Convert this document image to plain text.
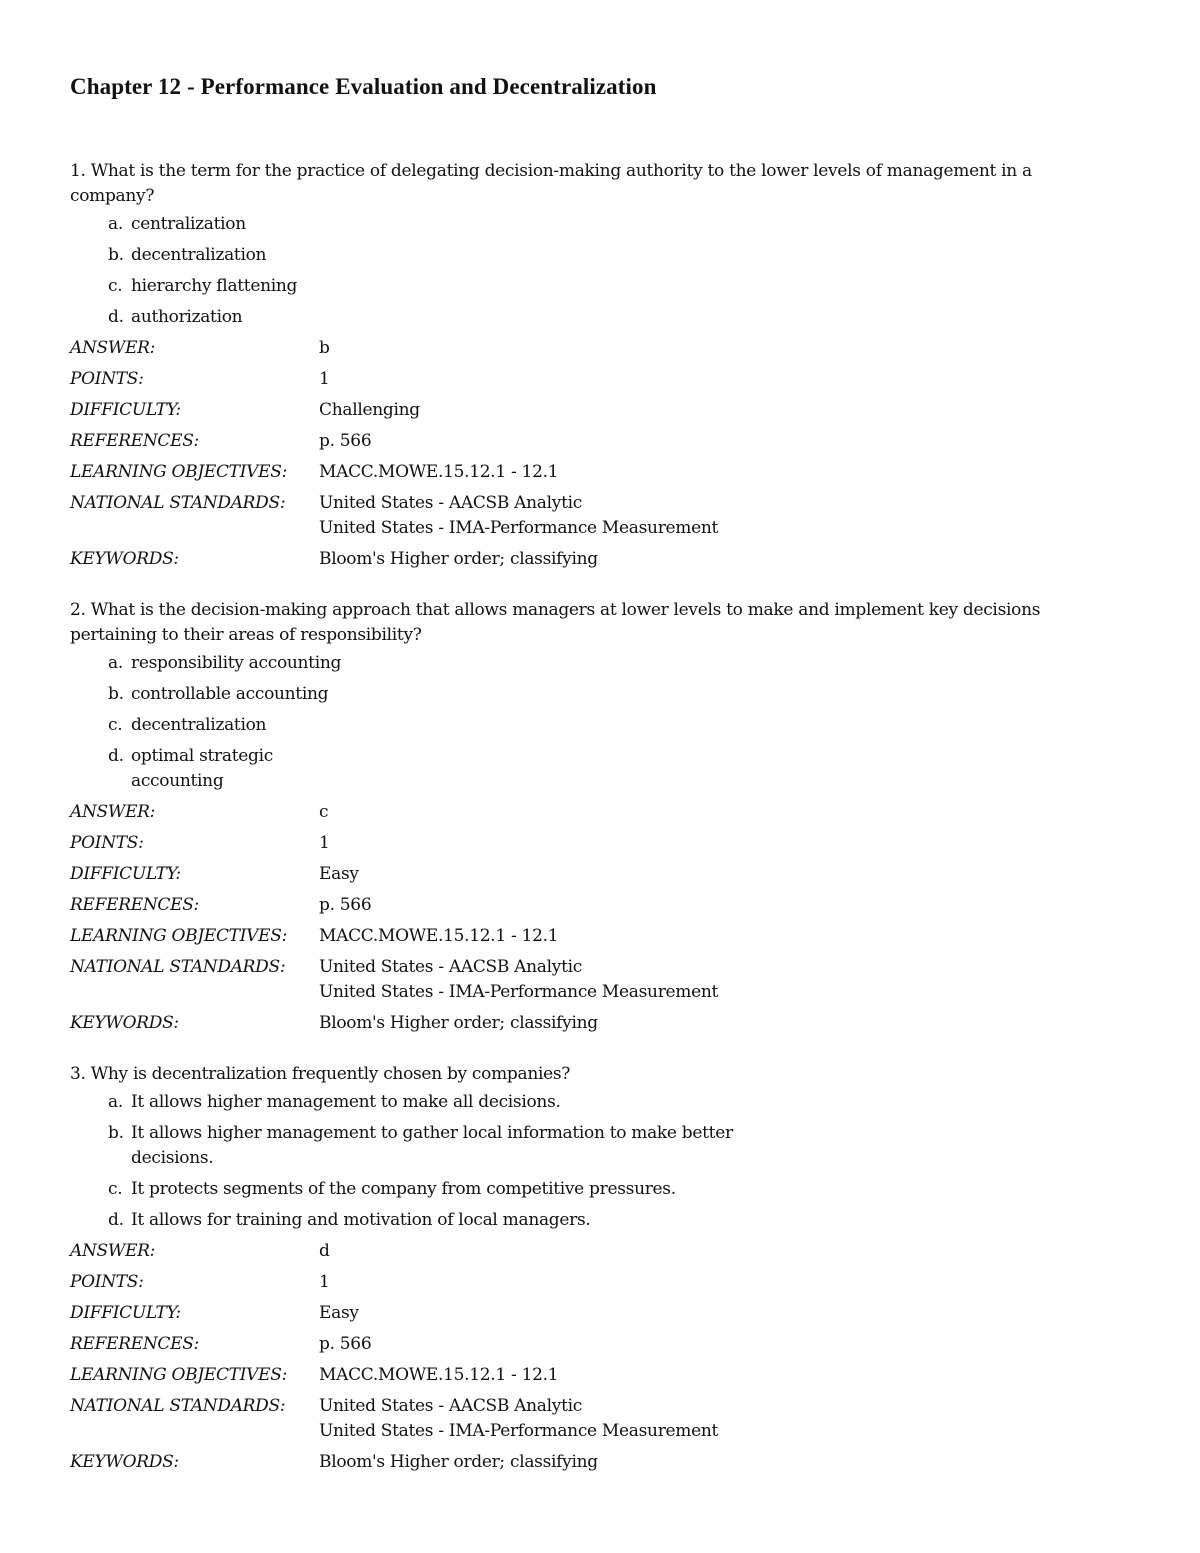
Chapter 12 - Performance Evaluation and Decentralization

1. What is the term for the practice of delegating decision-making authority to the lower levels of management in a company?

a. centralization
b. decentralization
c. hierarchy flattening
d. authorization
ANSWER:	b
POINTS:	1
DIFFICULTY:	Challenging
REFERENCES:	p. 566
LEARNING OBJECTIVES:	MACC.MOWE.15.12.1 - 12.1
NATIONAL STANDARDS:	United States - AACSB Analytic
United States - IMA-Performance Measurement
KEYWORDS:	Bloom's Higher order; classifying

2. What is the decision-making approach that allows managers at lower levels to make and implement key decisions pertaining to their areas of responsibility?

a. responsibility accounting
b. controllable accounting
c. decentralization
d. optimal strategic accounting
ANSWER:	c
POINTS:	1
DIFFICULTY:	Easy
REFERENCES:	p. 566
LEARNING OBJECTIVES:	MACC.MOWE.15.12.1 - 12.1
NATIONAL STANDARDS:	United States - AACSB Analytic
United States - IMA-Performance Measurement
KEYWORDS:	Bloom's Higher order; classifying

3. Why is decentralization frequently chosen by companies?

a. It allows higher management to make all decisions.
b. It allows higher management to gather local information to make better decisions.
c. It protects segments of the company from competitive pressures.
d. It allows for training and motivation of local managers.
ANSWER:	d
POINTS:	1
DIFFICULTY:	Easy
REFERENCES:	p. 566
LEARNING OBJECTIVES:	MACC.MOWE.15.12.1 - 12.1
NATIONAL STANDARDS:	United States - AACSB Analytic
United States - IMA-Performance Measurement
KEYWORDS:	Bloom's Higher order; classifying
